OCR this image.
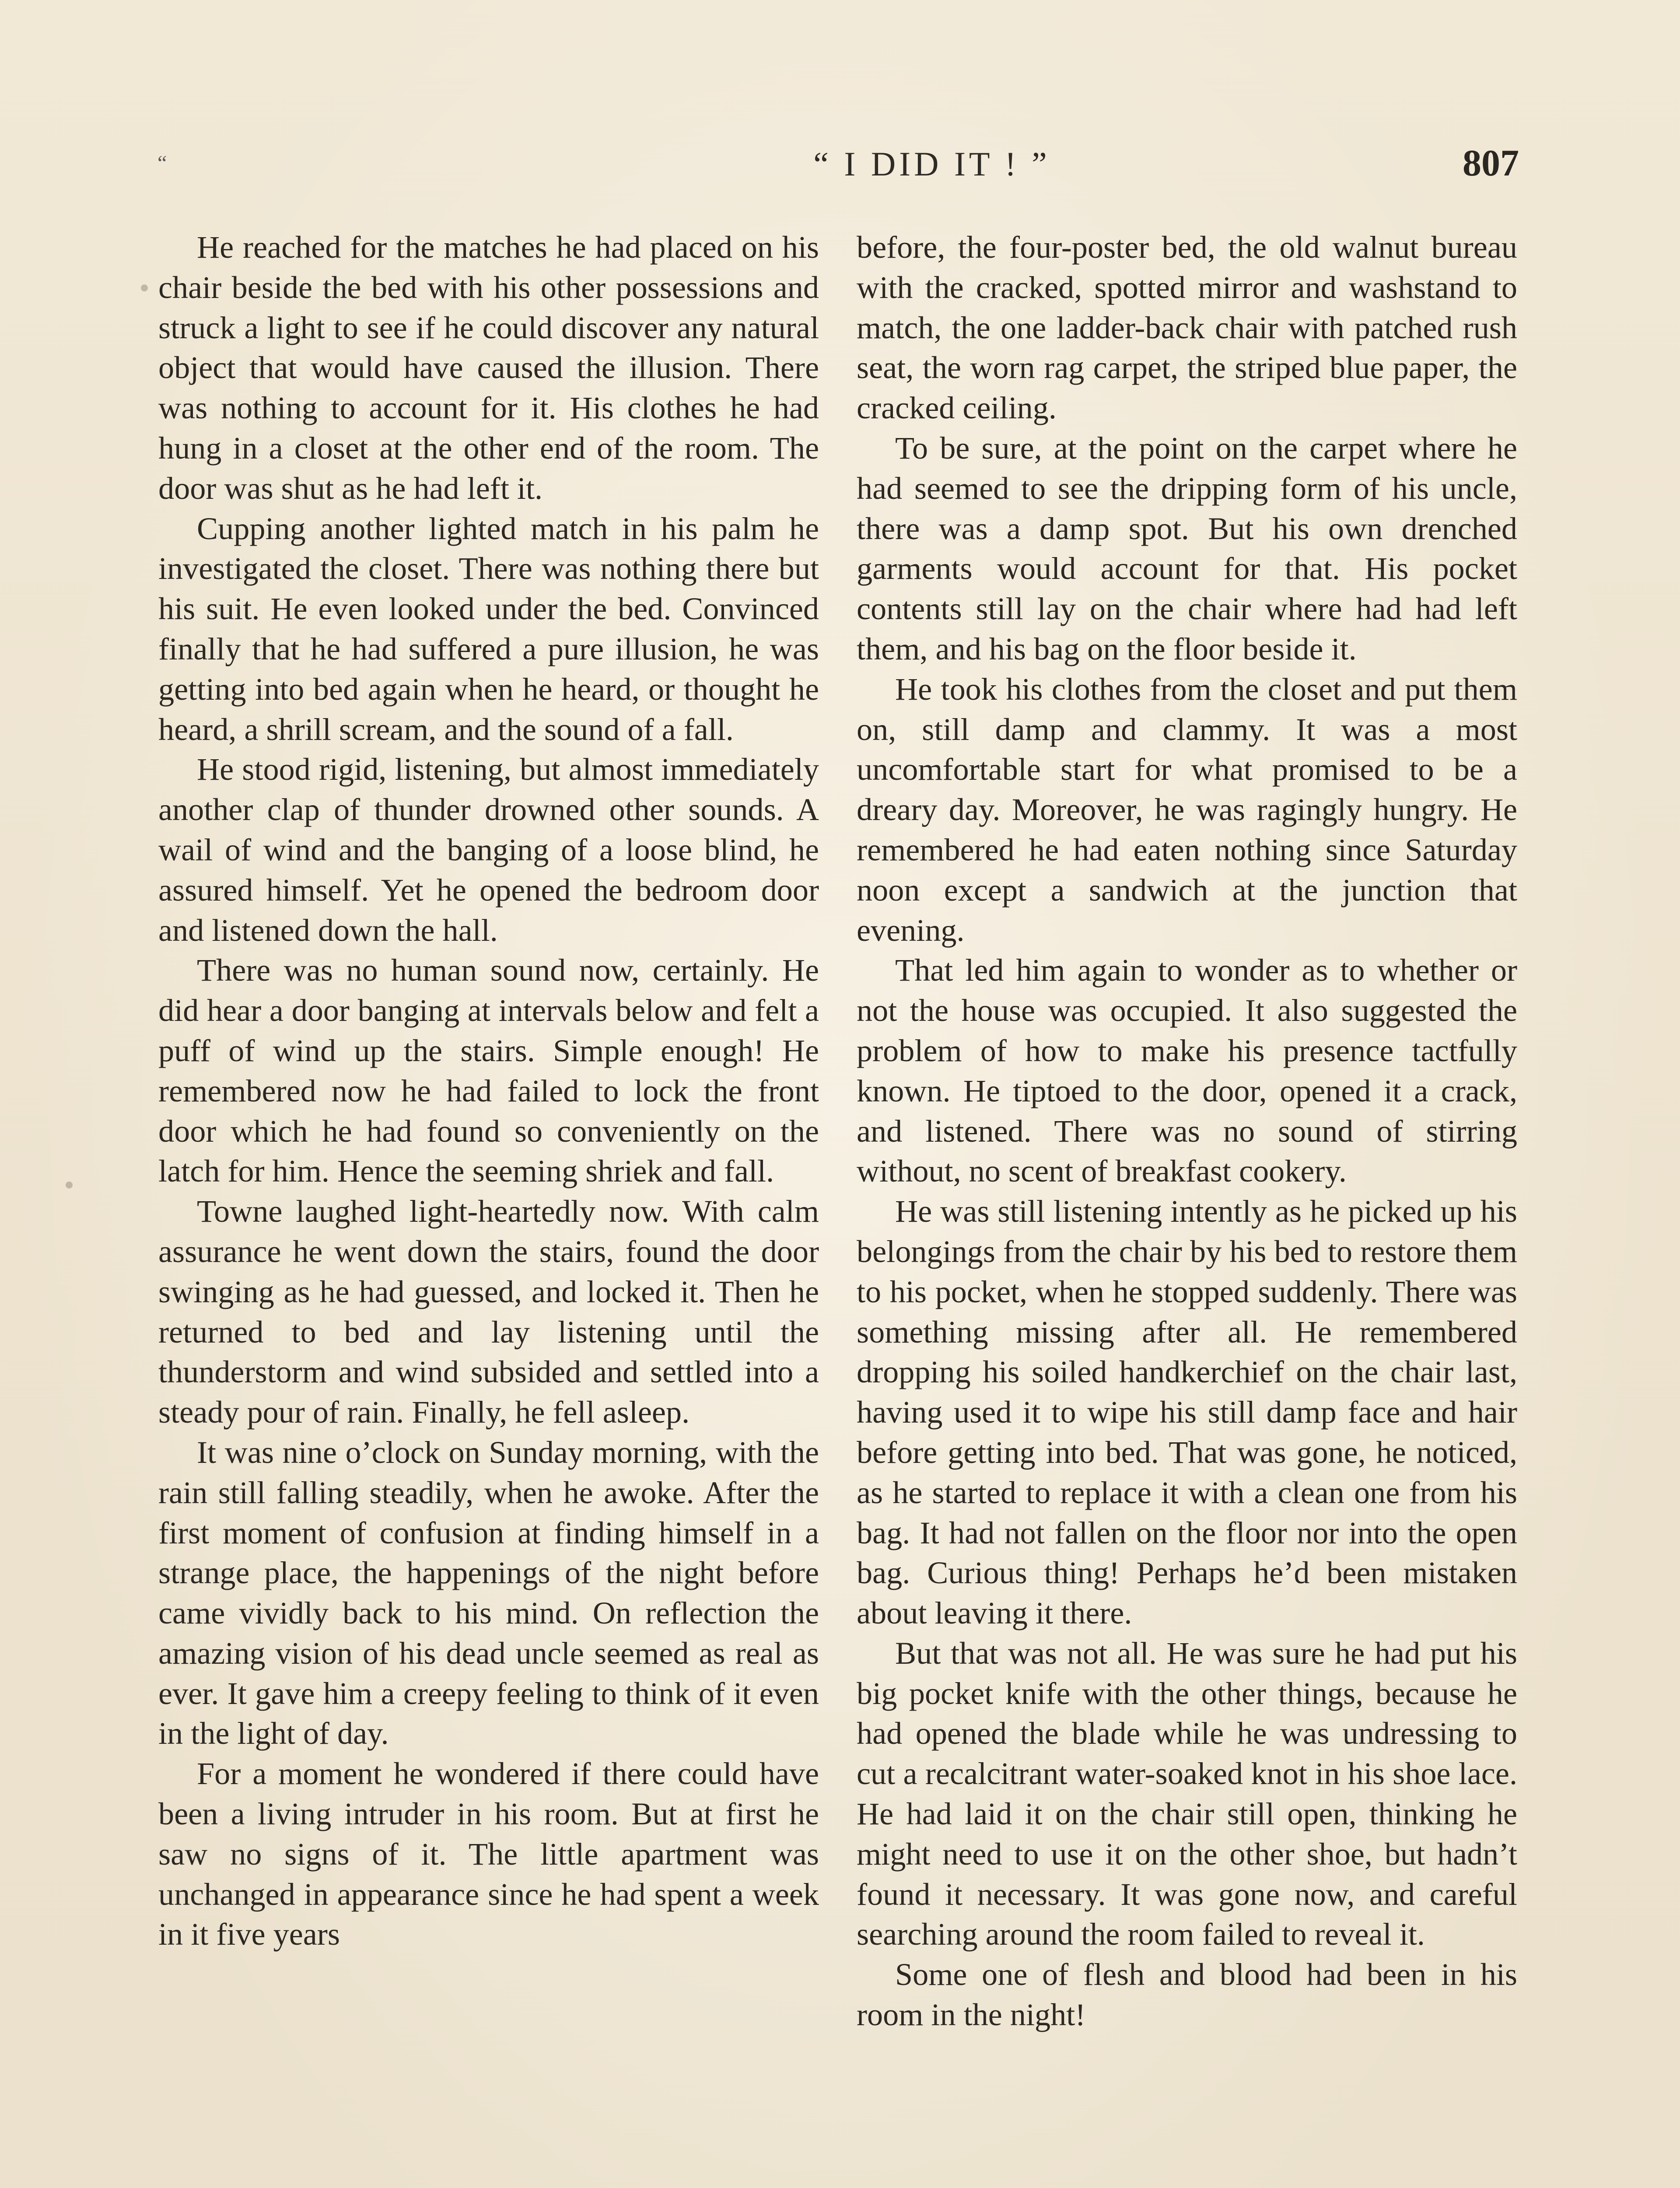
“	“ I DID IT ! ”	807

He reached for the matches he had placed on his chair beside the bed with his other possessions and struck a light to see if he could discover any natural object that would have caused the illusion. There was nothing to account for it. His clothes he had hung in a closet at the other end of the room. The door was shut as he had left it.

Cupping another lighted match in his palm he investigated the closet. There was nothing there but his suit. He even looked under the bed. Convinced finally that he had suffered a pure illusion, he was getting into bed again when he heard, or thought he heard, a shrill scream, and the sound of a fall.

He stood rigid, listening, but almost immediately another clap of thunder drowned other sounds. A wail of wind and the banging of a loose blind, he assured himself. Yet he opened the bedroom door and listened down the hall.

There was no human sound now, certainly. He did hear a door banging at intervals below and felt a puff of wind up the stairs. Simple enough! He remembered now he had failed to lock the front door which he had found so conveniently on the latch for him. Hence the seeming shriek and fall.

Towne laughed light-heartedly now. With calm assurance he went down the stairs, found the door swinging as he had guessed, and locked it. Then he returned to bed and lay listening until the thunderstorm and wind subsided and settled into a steady pour of rain. Finally, he fell asleep.

It was nine o’clock on Sunday morning, with the rain still falling steadily, when he awoke. After the first moment of confusion at finding himself in a strange place, the happenings of the night before came vividly back to his mind. On reflection the amazing vision of his dead uncle seemed as real as ever. It gave him a creepy feeling to think of it even in the light of day.

For a moment he wondered if there could have been a living intruder in his room. But at first he saw no signs of it. The little apartment was unchanged in appearance since he had spent a week in it five years

before, the four-poster bed, the old walnut bureau with the cracked, spotted mirror and washstand to match, the one ladder-back chair with patched rush seat, the worn rag carpet, the striped blue paper, the cracked ceiling.

To be sure, at the point on the carpet where he had seemed to see the dripping form of his uncle, there was a damp spot. But his own drenched garments would account for that. His pocket contents still lay on the chair where had had left them, and his bag on the floor beside it.

He took his clothes from the closet and put them on, still damp and clammy. It was a most uncomfortable start for what promised to be a dreary day. Moreover, he was ragingly hungry. He remembered he had eaten nothing since Saturday noon except a sandwich at the junction that evening.

That led him again to wonder as to whether or not the house was occupied. It also suggested the problem of how to make his presence tactfully known. He tiptoed to the door, opened it a crack, and listened. There was no sound of stirring without, no scent of breakfast cookery.

He was still listening intently as he picked up his belongings from the chair by his bed to restore them to his pocket, when he stopped suddenly. There was something missing after all. He remembered dropping his soiled handkerchief on the chair last, having used it to wipe his still damp face and hair before getting into bed. That was gone, he noticed, as he started to replace it with a clean one from his bag. It had not fallen on the floor nor into the open bag. Curious thing! Perhaps he’d been mistaken about leaving it there.

But that was not all. He was sure he had put his big pocket knife with the other things, because he had opened the blade while he was undressing to cut a recalcitrant water-soaked knot in his shoe lace. He had laid it on the chair still open, thinking he might need to use it on the other shoe, but hadn’t found it necessary. It was gone now, and careful searching around the room failed to reveal it.

Some one of flesh and blood had been in his room in the night!
